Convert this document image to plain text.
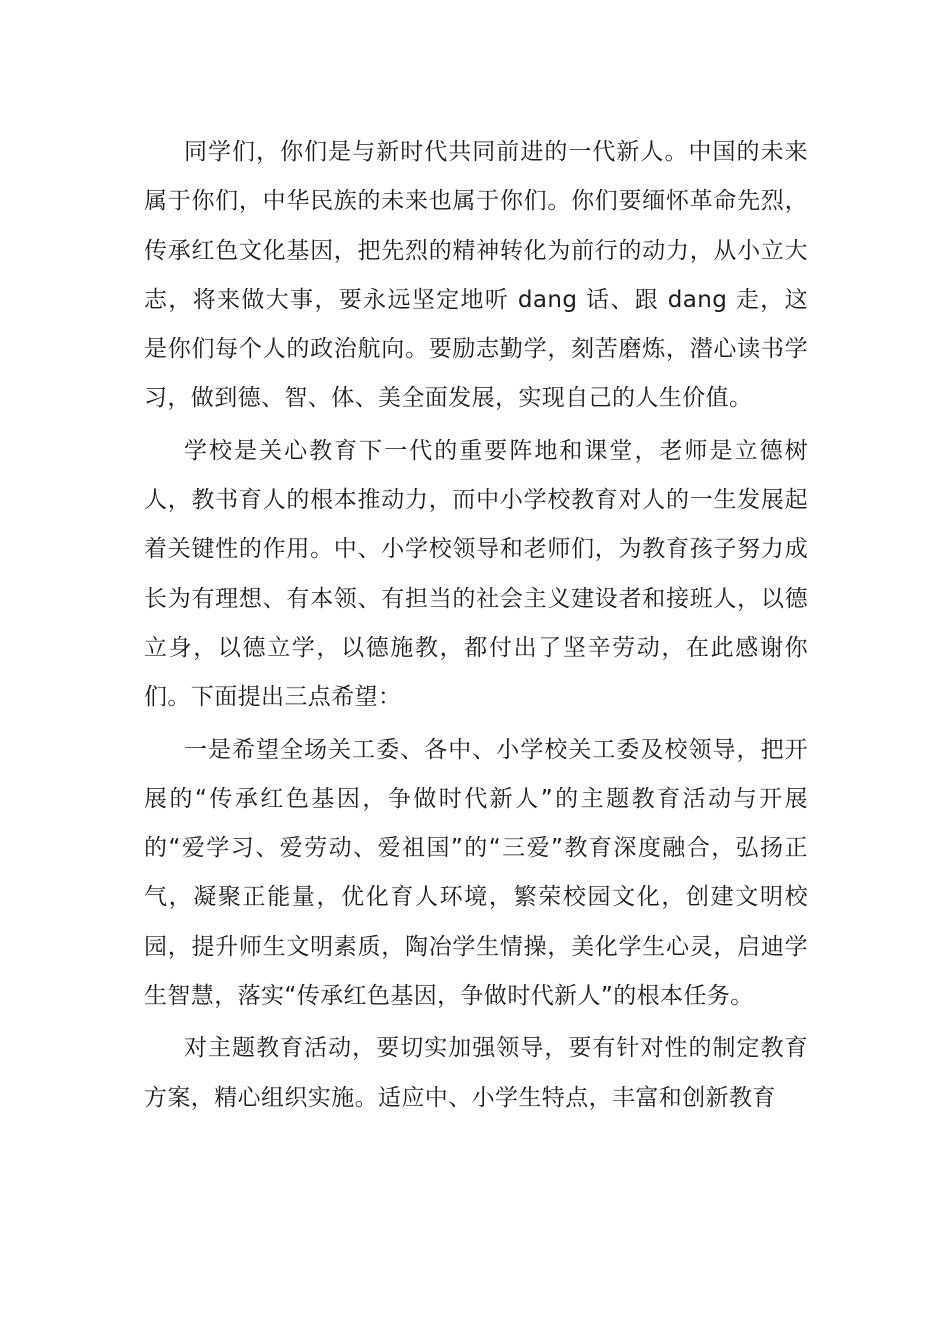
同学们，你们是与新时代共同前进的一代新人。中国的未来属于你们，中华民族的未来也属于你们。你们要缅怀革命先烈，传承红色文化基因，把先烈的精神转化为前行的动力，从小立大志，将来做大事，要永远坚定地听 dang 话、跟 dang 走，这是你们每个人的政治航向。要励志勤学，刻苦磨炼，潜心读书学习，做到德、智、体、美全面发展，实现自己的人生价值。

学校是关心教育下一代的重要阵地和课堂，老师是立德树人，教书育人的根本推动力，而中小学校教育对人的一生发展起着关键性的作用。中、小学校领导和老师们，为教育孩子努力成长为有理想、有本领、有担当的社会主义建设者和接班人，以德立身，以德立学，以德施教，都付出了坚辛劳动，在此感谢你们。下面提出三点希望：

一是希望全场关工委、各中、小学校关工委及校领导，把开展的“传承红色基因，争做时代新人”的主题教育活动与开展的“爱学习、爱劳动、爱祖国”的“三爱”教育深度融合，弘扬正气，凝聚正能量，优化育人环境，繁荣校园文化，创建文明校园，提升师生文明素质，陶冶学生情操，美化学生心灵，启迪学生智慧，落实“传承红色基因，争做时代新人”的根本任务。

对主题教育活动，要切实加强领导，要有针对性的制定教育方案，精心组织实施。适应中、小学生特点，丰富和创新教育
